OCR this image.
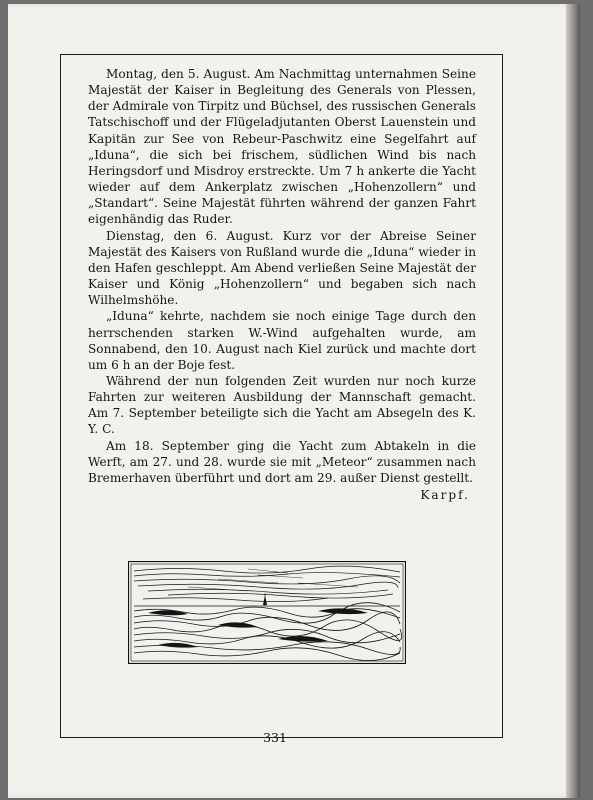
Montag, den 5. August. Am Nachmittag unternahmen Seine Majestät der Kaiser in Begleitung des Generals von Plessen, der Admirale von Tirpitz und Büchsel, des russischen Generals Tatschischoff und der Flügeladjutanten Oberst Lauenstein und Kapitän zur See von Rebeur-Paschwitz eine Segelfahrt auf „Iduna“, die sich bei frischem, südlichen Wind bis nach Heringsdorf und Misdroy erstreckte. Um 7 h ankerte die Yacht wieder auf dem Ankerplatz zwischen „Hohenzollern“ und „Standart“. Seine Majestät führten während der ganzen Fahrt eigenhändig das Ruder.

Dienstag, den 6. August. Kurz vor der Abreise Seiner Majestät des Kaisers von Rußland wurde die „Iduna“ wieder in den Hafen geschleppt. Am Abend verließen Seine Majestät der Kaiser und König „Hohenzollern“ und begaben sich nach Wilhelmshöhe.

„Iduna“ kehrte, nachdem sie noch einige Tage durch den herrschenden starken W.-Wind aufgehalten wurde, am Sonnabend, den 10. August nach Kiel zurück und machte dort um 6 h an der Boje fest.

Während der nun folgenden Zeit wurden nur noch kurze Fahrten zur weiteren Ausbildung der Mannschaft gemacht. Am 7. September beteiligte sich die Yacht am Absegeln des K. Y. C.

Am 18. September ging die Yacht zum Abtakeln in die Werft, am 27. und 28. wurde sie mit „Meteor“ zusammen nach Bremerhaven überführt und dort am 29. außer Dienst gestellt.

Karpf.

331
